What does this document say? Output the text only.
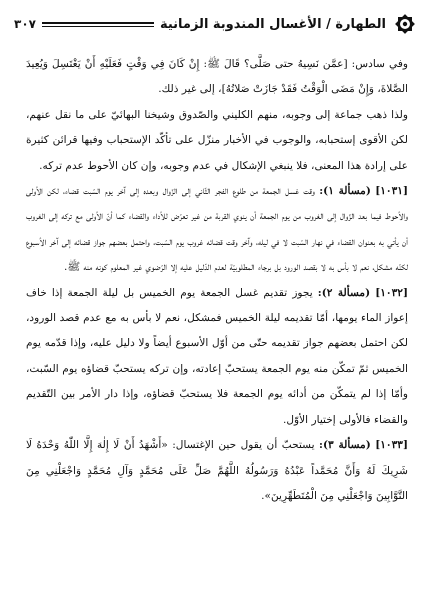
الطهارة / الأغسال المندوبة الزمانية
٣٠٧

وفي سادس: [عمَّن نَسِيهُ حتى صَلَّى؟ قَالَ ﷺ: إِنْ كَانَ فِي وَقْتٍ فَعَلَيْهِ أَنْ يَغْتَسِلَ وَيُعِيدَ الصَّلاةَ، وَإِنْ مَضَى الْوَقْتُ فَقَدْ جَازَتْ صَلاتُهُ]، إلى غير ذلك.

ولذا ذهب جماعة إلى وجوبه، منهم الكليني والصّدوق وشيخنا البهائيّ على ما نقل عنهم، لكن الأقوى إستحبابه، والوجوب في الأخبار منزّل على تأكّد الإستحباب وفيها قرائن كثيرة على إرادة هذا المعنى، فلا ينبغي الإشكال في عدم وجوبه، وإن كان الأحوط عدم تركه.

[١٠٣١] (مسألة ١): وقت غسل الجمعة من طلوع الفجر الثّاني إلى الزّوال وبعده إلى آخر يوم السّبت قضاء، لكن الأولى والأحوط فيما بعد الزّوال إلى الغروب من يوم الجمعة أن ينوي القربة من غير تعرّض للأداء والقضاء كما أنّ الأولى مع تركه إلى الغروب أن يأتي به بعنوان القضاء في نهار السّبت لا في ليله، وآخر وقت قضائه غروب يوم السّبت، واحتمل بعضهم جواز قضائه إلى آخر الأسبوع لكنّه مشكل، نعم لا بأس به لا بقصد الورود بل برجاء المطلوبيّة لعدم الدّليل عليه إلا الرّضوي غير المعلوم كونه منه ﷺ.

[١٠٣٢] (مسألة ٢): يجوز تقديم غسل الجمعة يوم الخميس بل ليلة الجمعة إذا خاف إعواز الماء يومها، أمّا تقديمه ليلة الخميس فمشكل، نعم لا بأس به مع عدم قصد الورود، لكن احتمل بعضهم جواز تقديمه حتّى من أوّل الأسبوع أيضاً ولا دليل عليه، وإذا قدّمه يوم الخميس ثمّ تمكّن منه يوم الجمعة يستحبّ إعادته، وإن تركه يستحبّ قضاؤه يوم السّبت، وأمّا إذا لم يتمكّن من أدائه يوم الجمعة فلا يستحبّ قضاؤه، وإذا دار الأمر بين التّقديم والقضاء فالأولى إختيار الأوّل.

[١٠٣٣] (مسألة ٣): يستحبّ أن يقول حين الإغتسال: «أَشْهَدُ أَنْ لَا إِلٰهَ إِلَّا اللّٰهُ وَحْدَهُ لَا شَرِيكَ لَهُ وَأَنَّ مُحَمَّداً عَبْدُهُ وَرَسُولُهُ اللَّهُمَّ صَلِّ عَلَى مُحَمَّدٍ وَآلِ مُحَمَّدٍ وَاجْعَلْنِي مِنَ التَّوَّابِينَ وَاجْعَلْنِي مِنَ الْمُتَطَهِّرِينَ».
